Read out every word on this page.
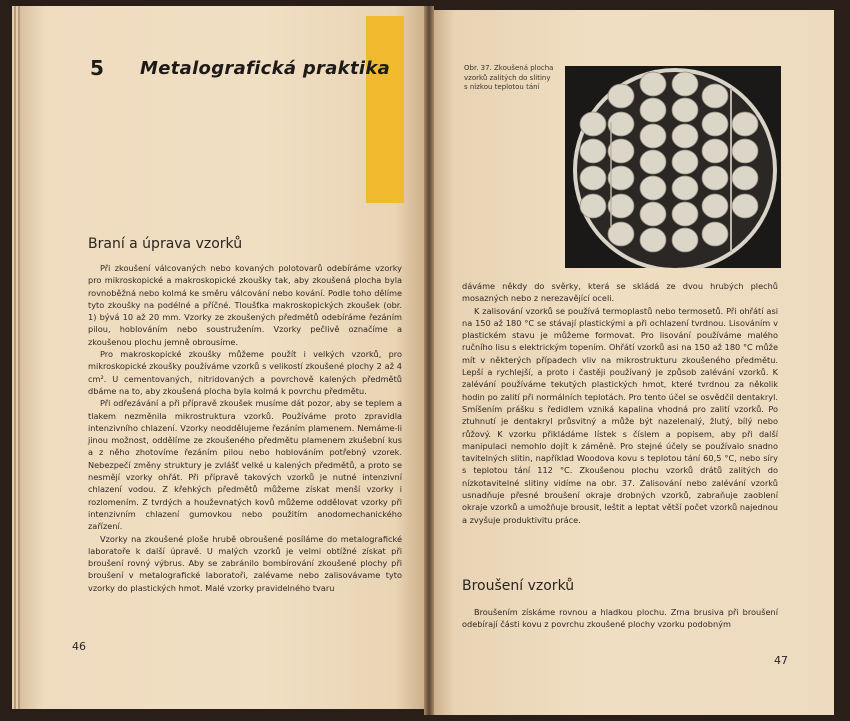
5 Metalografická praktika
Braní a úprava vzorků

Při zkoušení válcovaných nebo kovaných polotovarů odebíráme vzorky pro mikroskopické a makroskopické zkoušky tak, aby zkoušená plocha byla rovnoběžná nebo kolmá ke směru válcování nebo kování. Podle toho dělíme tyto zkoušky na podélné a příčné. Tloušťka makroskopických zkoušek (obr. 1) bývá 10 až 20 mm. Vzorky ze zkoušených předmětů odebíráme řezáním pilou, hoblováním nebo soustružením. Vzorky pečlivě označíme a zkoušenou plochu jemně obrousíme.

Pro makroskopické zkoušky můžeme použít i velkých vzorků, pro mikroskopické zkoušky používáme vzorků s velikostí zkoušené plochy 2 až 4 cm². U cementovaných, nitridovaných a povrchově kalených předmětů dbáme na to, aby zkoušená plocha byla kolmá k povrchu předmětu.

Při odřezávání a při přípravě zkoušek musíme dát pozor, aby se teplem a tlakem nezměnila mikrostruktura vzorků. Používáme proto zpravidla intenzivního chlazení. Vzorky neoddělujeme řezáním plamenem. Nemáme-li jinou možnost, oddělíme ze zkoušeného předmětu plamenem zkušební kus a z něho zhotovíme řezáním pilou nebo hoblováním potřebný vzorek. Nebezpečí změny struktury je zvlášť velké u kalených předmětů, a proto se nesmějí vzorky ohřát. Při přípravě takových vzorků je nutné intenzivní chlazení vodou. Z křehkých předmětů můžeme získat menší vzorky i rozlomením. Z tvrdých a houževnatých kovů můžeme oddělovat vzorky při intenzivním chlazení gumovkou nebo použitím anodomechanického zařízení.

Vzorky na zkoušené ploše hrubě obroušené posíláme do metalografické laboratoře k další úpravě. U malých vzorků je velmi obtížné získat při broušení rovný výbrus. Aby se zabránilo bombírování zkoušené plochy při broušení v metalografické laboratoři, zalévame nebo zalisovávame tyto vzorky do plastických hmot. Malé vzorky pravidelného tvaru

46
Obr. 37. Zkoušená plocha vzorků zalitých do slitiny s nízkou teplotou tání

dáváme někdy do svěrky, která se skládá ze dvou hrubých plechů mosazných nebo z nerezavějící oceli.

K zalisování vzorků se používá termoplastů nebo termosetů. Při ohřátí asi na 150 až 180 °C se stávají plastickými a při ochlazení tvrdnou. Lisováním v plastickém stavu je můžeme formovat. Pro lisování používáme malého ručního lisu s elektrickým topením. Ohřátí vzorků asi na 150 až 180 °C může mít v některých případech vliv na mikrostrukturu zkoušeného předmětu. Lepší a rychlejší, a proto i častěji používaný je způsob zalévání vzorků. K zalévání používáme tekutých plastických hmot, které tvrdnou za několik hodin po zalití při normálních teplotách. Pro tento účel se osvědčil dentakryl. Smíšením prášku s ředidlem vzniká kapalina vhodná pro zalití vzorků. Po ztuhnutí je dentakryl průsvitný a může být nazelenalý, žlutý, bílý nebo růžový. K vzorku přikládáme lístek s číslem a popisem, aby při další manipulaci nemohlo dojít k záměně. Pro stejné účely se používalo snadno tavitelných slitin, například Woodova kovu s teplotou tání 60,5 °C, nebo síry s teplotou tání 112 °C. Zkoušenou plochu vzorků drátů zalitých do nízkotavitelné slitiny vidíme na obr. 37. Zalisování nebo zalévání vzorků usnadňuje přesné broušení okraje drobných vzorků, zabraňuje zaoblení okraje vzorků a umožňuje brousit, leštit a leptat větší počet vzorků najednou a zvyšuje produktivitu práce.

Broušení vzorků

Broušením získáme rovnou a hladkou plochu. Zrna brusiva při broušení odebírají části kovu z povrchu zkoušené plochy vzorku podobným

47
